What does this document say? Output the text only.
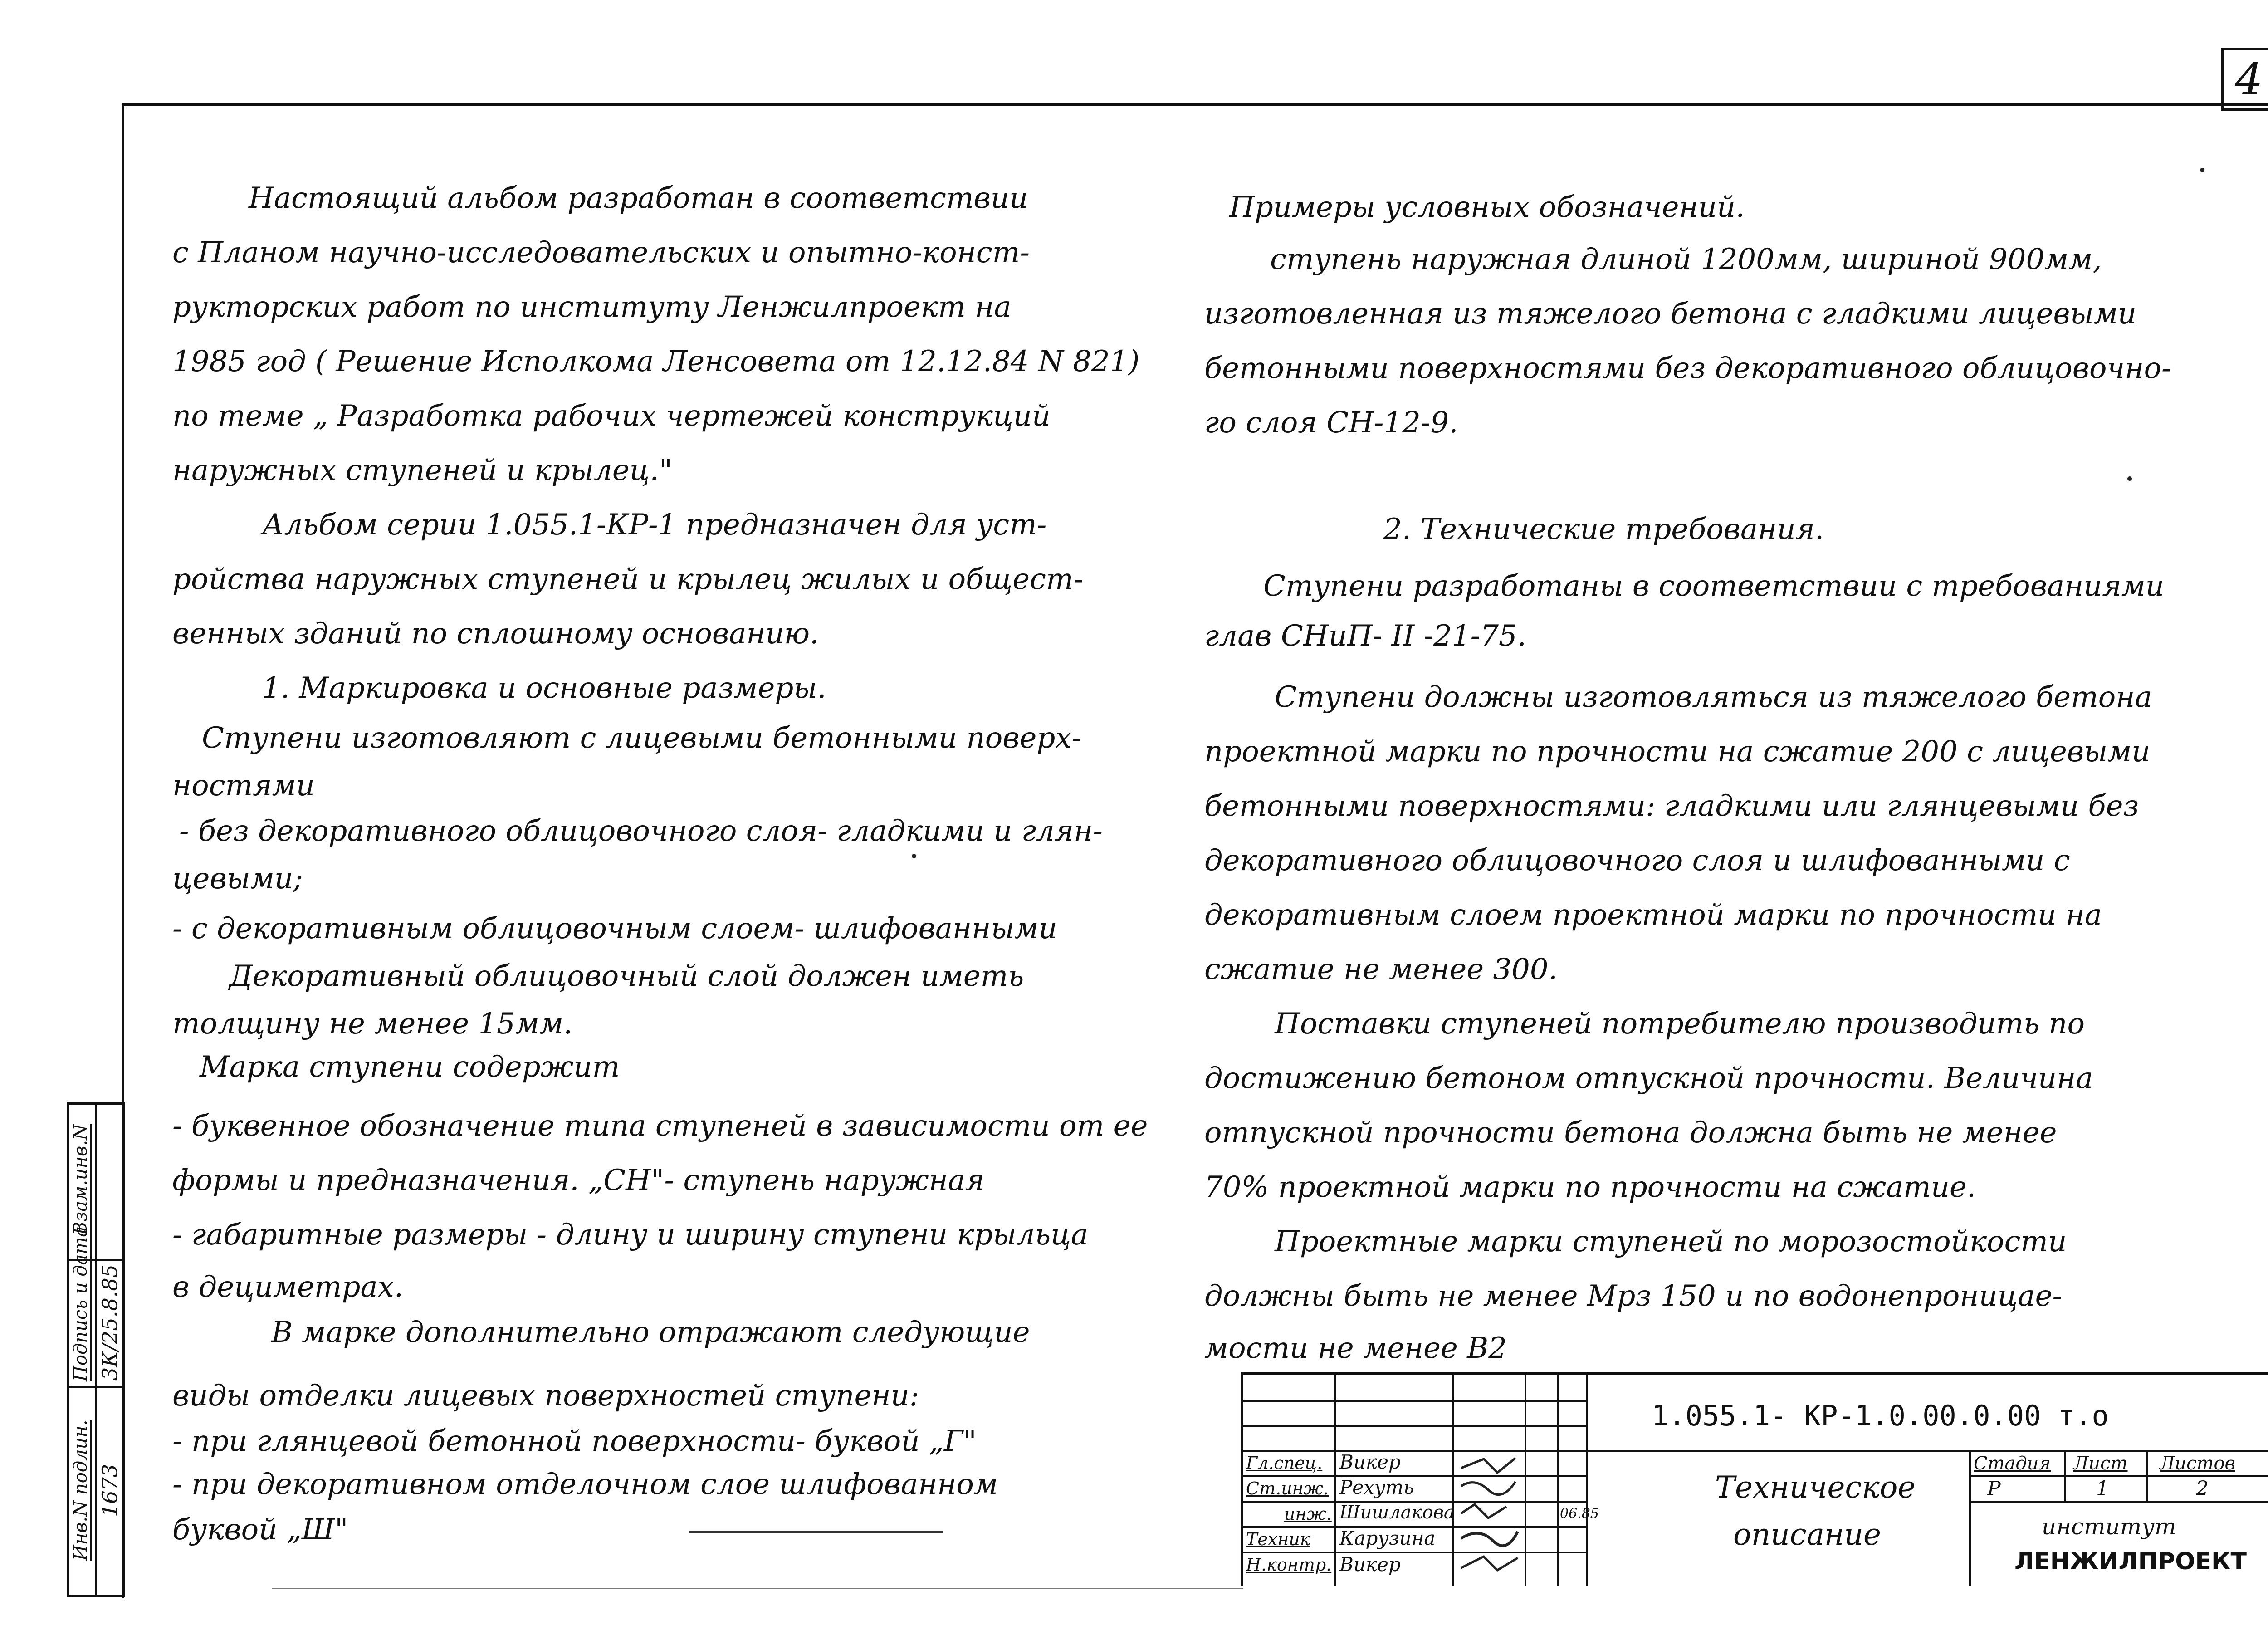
4
Настоящий альбом разработан в соответствии
с Планом научно-исследовательских и опытно-конст-
рукторских работ по институту Ленжилпроект на
1985 год ( Решение Исполкома Ленсовета от 12.12.84 N 821)
по теме „ Разработка рабочих чертежей конструкций
наружных ступеней и крылец."
Альбом серии 1.055.1-КР-1 предназначен для уст-
ройства наружных ступеней и крылец жилых и общест-
венных зданий по сплошному основанию.
1. Маркировка и основные размеры.
Ступени изготовляют с лицевыми бетонными поверх-
ностями
- без декоративного облицовочного слоя- гладкими и глян-
цевыми;
- с декоративным облицовочным слоем- шлифованными
Декоративный облицовочный слой должен иметь
толщину не менее 15мм.
Марка ступени содержит
- буквенное обозначение типа ступеней в зависимости от ее
формы и предназначения. „СН"- ступень наружная
- габаритные размеры - длину и ширину ступени крыльца
в дециметрах.
В марке дополнительно отражают следующие
виды отделки лицевых поверхностей ступени:
- при глянцевой бетонной поверхности- буквой „Г"
- при декоративном отделочном слое шлифованном
буквой „Ш"
Примеры условных обозначений.
ступень наружная длиной 1200мм, шириной 900мм,
изготовленная из тяжелого бетона с гладкими лицевыми
бетонными поверхностями без декоративного облицовочно-
го слоя СН-12-9.
2. Технические требования.
Ступени разработаны в соответствии с требованиями
глав СНиП- II -21-75.
Ступени должны изготовляться из тяжелого бетона
проектной марки по прочности на сжатие 200 с лицевыми
бетонными поверхностями: гладкими или глянцевыми без
декоративного облицовочного слоя и шлифованными с
декоративным слоем проектной марки по прочности на
сжатие не менее 300.
Поставки ступеней потребителю производить по
достижению бетоном отпускной прочности. Величина
отпускной прочности бетона должна быть не менее
70% проектной марки по прочности на сжатие.
Проектные марки ступеней по морозостойкости
должны быть не менее Мрз 150 и по водонепроницае-
мости не менее В2
Взам.инв.N
Подпись и дата
Инв.N подлин.
3К/25.8.85
1673
1.055.1- КР-1.0.00.0.00 т.о
Гл.спец. Викер
Ст.инж. Рехуть
инж. Шишлакова
Техник Карузина
Н.контр. Викер
06.85
Техническое
описание
Стадия Лист Листов
Р	1	2
институт
ЛЕНЖИЛПРОЕКТ
